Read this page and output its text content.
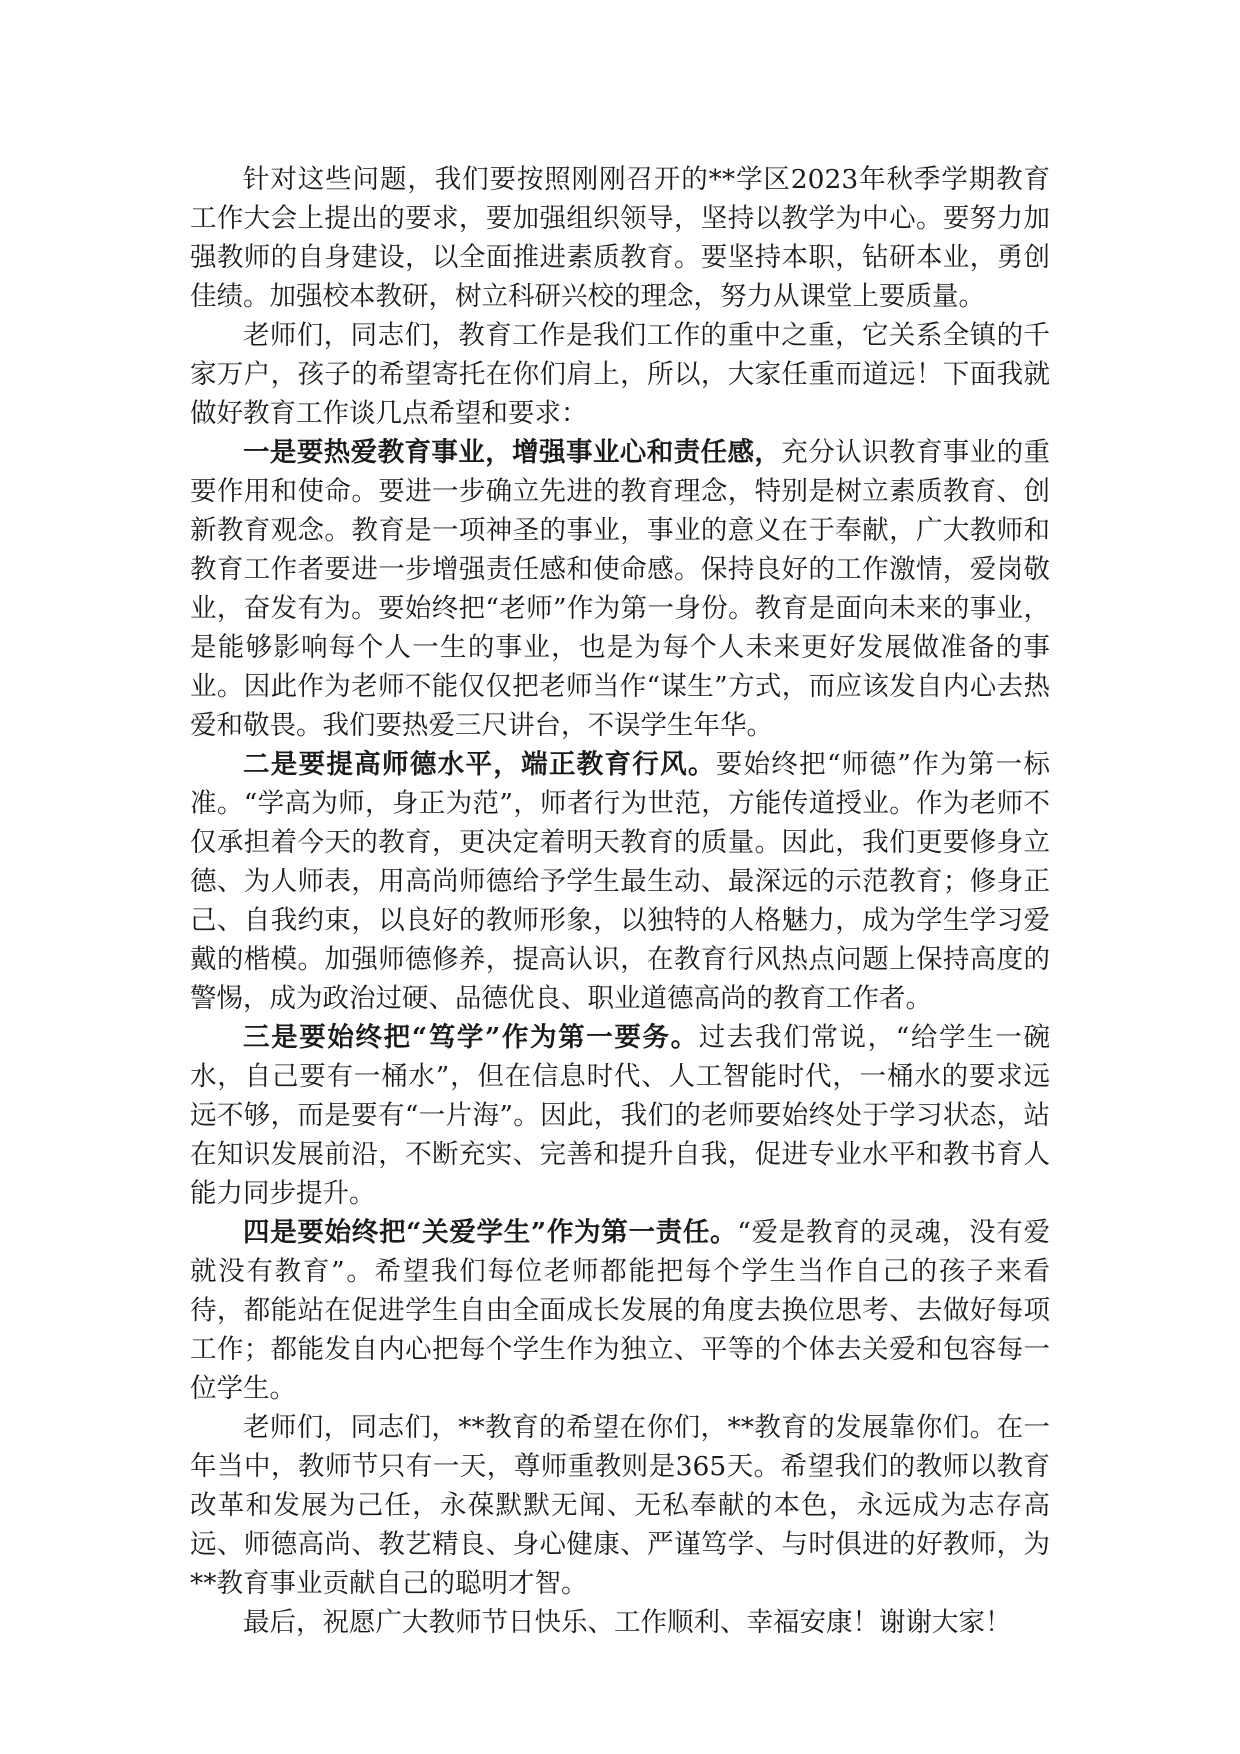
针对这些问题，我们要按照刚刚召开的**学区2023年秋季学期教育工作大会上提出的要求，要加强组织领导，坚持以教学为中心。要努力加强教师的自身建设，以全面推进素质教育。要坚持本职，钻研本业，勇创佳绩。加强校本教研，树立科研兴校的理念，努力从课堂上要质量。

老师们，同志们，教育工作是我们工作的重中之重，它关系全镇的千家万户，孩子的希望寄托在你们肩上，所以，大家任重而道远！下面我就做好教育工作谈几点希望和要求：

一是要热爱教育事业，增强事业心和责任感，充分认识教育事业的重要作用和使命。要进一步确立先进的教育理念，特别是树立素质教育、创新教育观念。教育是一项神圣的事业，事业的意义在于奉献，广大教师和教育工作者要进一步增强责任感和使命感。保持良好的工作激情，爱岗敬业，奋发有为。要始终把“老师”作为第一身份。教育是面向未来的事业，是能够影响每个人一生的事业，也是为每个人未来更好发展做准备的事业。因此作为老师不能仅仅把老师当作“谋生”方式，而应该发自内心去热爱和敬畏。我们要热爱三尺讲台，不误学生年华。

二是要提高师德水平，端正教育行风。要始终把“师德”作为第一标准。“学高为师，身正为范”，师者行为世范，方能传道授业。作为老师不仅承担着今天的教育，更决定着明天教育的质量。因此，我们更要修身立德、为人师表，用高尚师德给予学生最生动、最深远的示范教育；修身正己、自我约束，以良好的教师形象，以独特的人格魅力，成为学生学习爱戴的楷模。加强师德修养，提高认识，在教育行风热点问题上保持高度的警惕，成为政治过硬、品德优良、职业道德高尚的教育工作者。

三是要始终把“笃学”作为第一要务。过去我们常说，“给学生一碗水，自己要有一桶水”，但在信息时代、人工智能时代，一桶水的要求远远不够，而是要有“一片海”。因此，我们的老师要始终处于学习状态，站在知识发展前沿，不断充实、完善和提升自我，促进专业水平和教书育人能力同步提升。

四是要始终把“关爱学生”作为第一责任。“爱是教育的灵魂，没有爱就没有教育”。希望我们每位老师都能把每个学生当作自己的孩子来看待，都能站在促进学生自由全面成长发展的角度去换位思考、去做好每项工作；都能发自内心把每个学生作为独立、平等的个体去关爱和包容每一位学生。

老师们，同志们，**教育的希望在你们，**教育的发展靠你们。在一年当中，教师节只有一天，尊师重教则是365天。希望我们的教师以教育改革和发展为己任，永葆默默无闻、无私奉献的本色，永远成为志存高远、师德高尚、教艺精良、身心健康、严谨笃学、与时俱进的好教师，为**教育事业贡献自己的聪明才智。

最后，祝愿广大教师节日快乐、工作顺利、幸福安康！谢谢大家！
